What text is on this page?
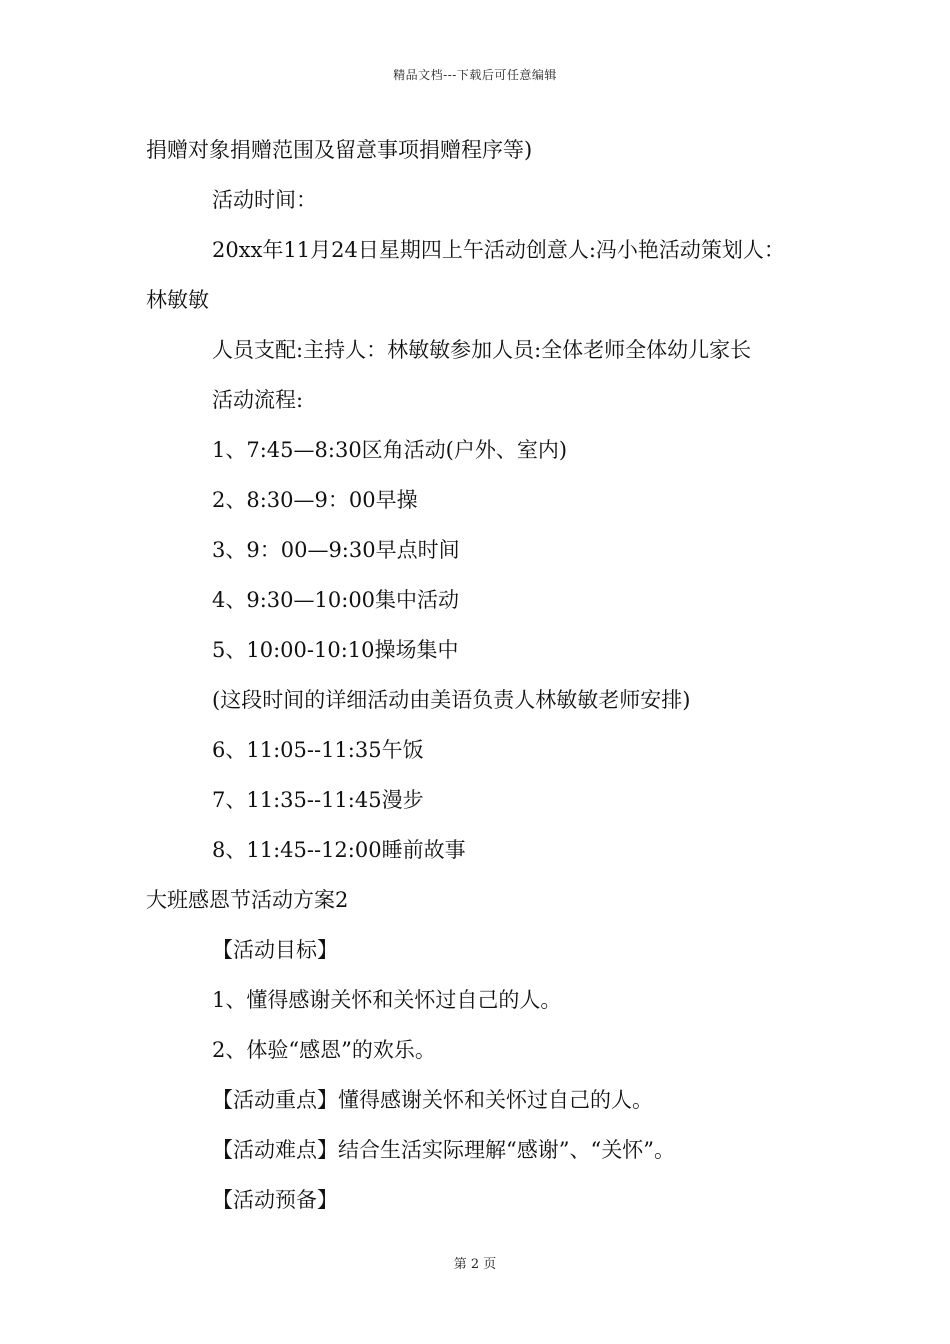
精品文档---下载后可任意编辑
捐赠对象捐赠范围及留意事项捐赠程序等)
活动时间：
20xx年11月24日星期四上午活动创意人:冯小艳活动策划人：
林敏敏
人员支配:主持人：林敏敏参加人员:全体老师全体幼儿家长
活动流程:
1、7:45—8:30区角活动(户外、室内)
2、8:30—9：00早操
3、9：00—9:30早点时间
4、9:30—10:00集中活动
5、10:00-10:10操场集中
(这段时间的详细活动由美语负责人林敏敏老师安排)
6、11:05--11:35午饭
7、11:35--11:45漫步
8、11:45--12:00睡前故事
大班感恩节活动方案2
【活动目标】
1、懂得感谢关怀和关怀过自己的人。
2、体验“感恩”的欢乐。
【活动重点】懂得感谢关怀和关怀过自己的人。
【活动难点】结合生活实际理解“感谢”、“关怀”。
【活动预备】
第 2 页
